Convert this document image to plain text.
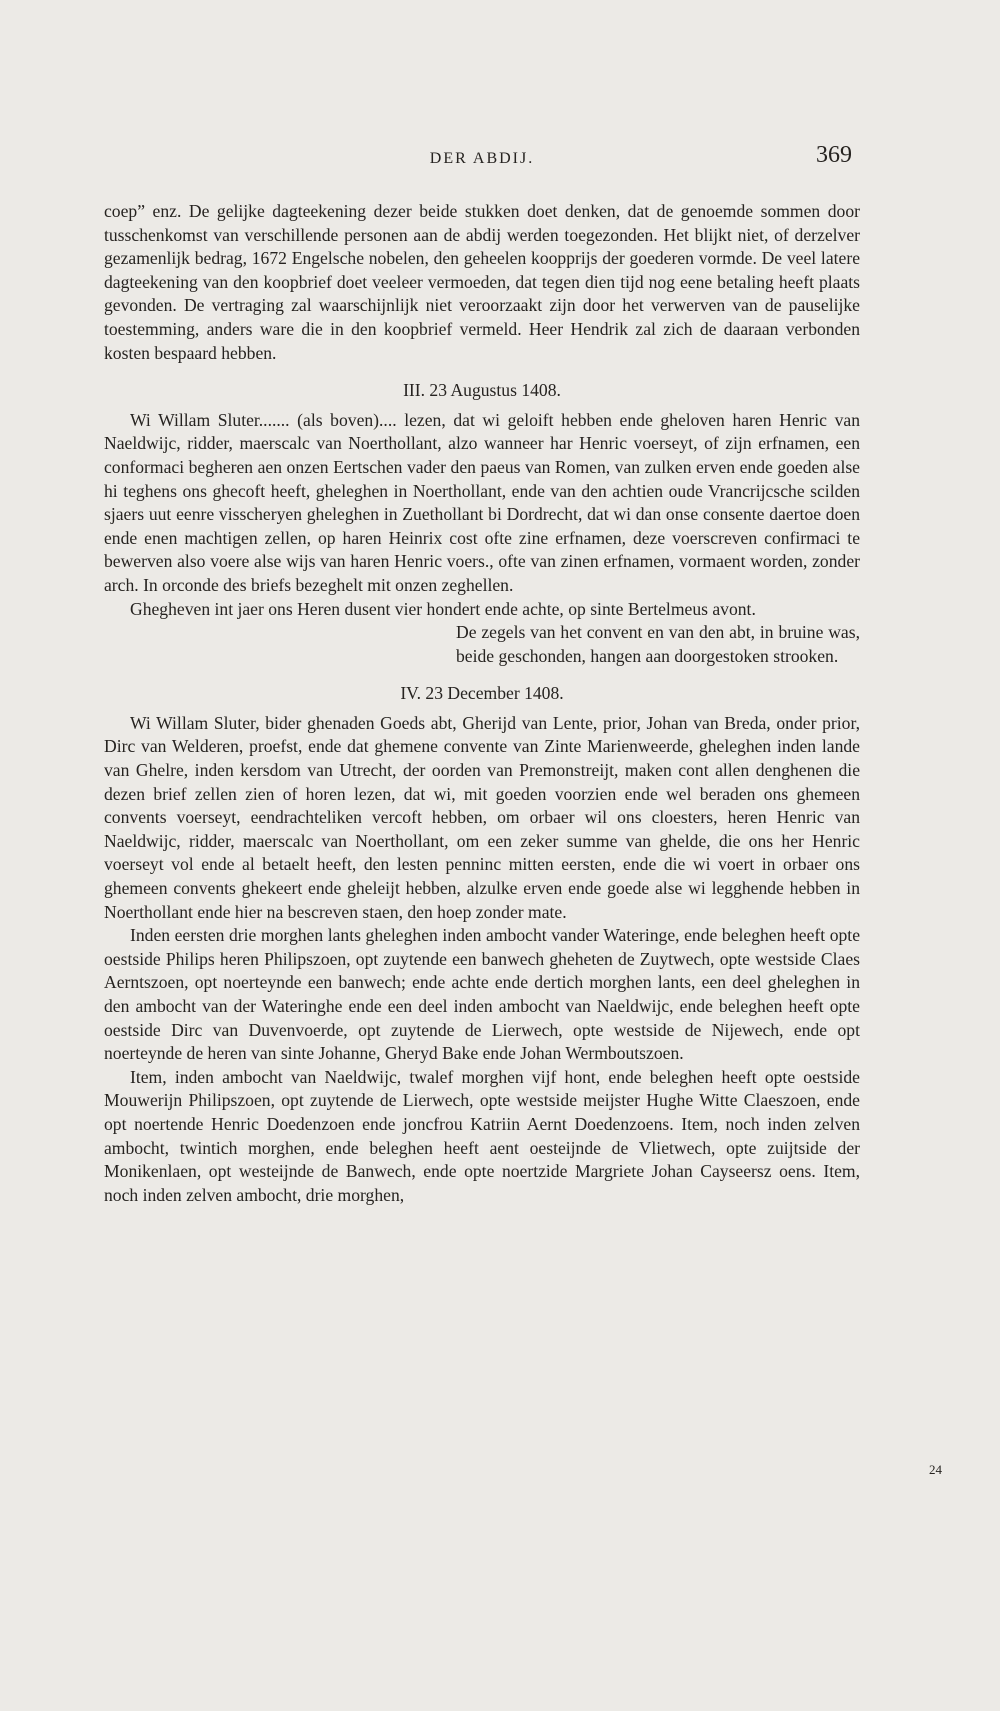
DER ABDIJ.	369

coep” enz. De gelijke dagteekening dezer beide stukken doet denken, dat de genoemde sommen door tusschenkomst van verschillende personen aan de abdij werden toegezonden. Het blijkt niet, of derzelver gezamenlijk bedrag, 1672 Engelsche nobelen, den geheelen koopprijs der goederen vormde. De veel latere dagteekening van den koopbrief doet veeleer vermoeden, dat tegen dien tijd nog eene betaling heeft plaats gevonden. De vertraging zal waarschijnlijk niet veroorzaakt zijn door het verwerven van de pauselijke toestemming, anders ware die in den koopbrief vermeld. Heer Hendrik zal zich de daaraan verbonden kosten bespaard hebben.

III. 23 Augustus 1408.

Wi Willam Sluter....... (als boven).... lezen, dat wi geloift hebben ende gheloven haren Henric van Naeldwijc, ridder, maerscalc van Noerthollant, alzo wanneer har Henric voerseyt, of zijn erfnamen, een conformaci begheren aen onzen Eertschen vader den paeus van Romen, van zulken erven ende goeden alse hi teghens ons ghecoft heeft, gheleghen in Noerthollant, ende van den achtien oude Vrancrijcsche scilden sjaers uut eenre visscheryen gheleghen in Zuethollant bi Dordrecht, dat wi dan onse consente daertoe doen ende enen machtigen zellen, op haren Heinrix cost ofte zine erfnamen, deze voerscreven confirmaci te bewerven also voere alse wijs van haren Henric voers., ofte van zinen erfnamen, vormaent worden, zonder arch. In orconde des briefs bezeghelt mit onzen zeghellen.

Ghegheven int jaer ons Heren dusent vier hondert ende achte, op sinte Bertelmeus avont.

De zegels van het convent en van den abt, in bruine was, beide geschonden, hangen aan doorgestoken strooken.

IV. 23 December 1408.

Wi Willam Sluter, bider ghenaden Goeds abt, Gherijd van Lente, prior, Johan van Breda, onder prior, Dirc van Welderen, proefst, ende dat ghemene convente van Zinte Marienweerde, gheleghen inden lande van Ghelre, inden kersdom van Utrecht, der oorden van Premonstreijt, maken cont allen denghenen die dezen brief zellen zien of horen lezen, dat wi, mit goeden voorzien ende wel beraden ons ghemeen convents voerseyt, eendrachteliken vercoft hebben, om orbaer wil ons cloesters, heren Henric van Naeldwijc, ridder, maerscalc van Noerthollant, om een zeker summe van ghelde, die ons her Henric voerseyt vol ende al betaelt heeft, den lesten penninc mitten eersten, ende die wi voert in orbaer ons ghemeen convents ghekeert ende gheleijt hebben, alzulke erven ende goede alse wi legghende hebben in Noerthollant ende hier na bescreven staen, den hoep zonder mate.

Inden eersten drie morghen lants gheleghen inden ambocht vander Wateringe, ende beleghen heeft opte oestside Philips heren Philipszoen, opt zuytende een banwech gheheten de Zuytwech, opte westside Claes Aerntszoen, opt noerteynde een banwech; ende achte ende dertich morghen lants, een deel gheleghen in den ambocht van der Wateringhe ende een deel inden ambocht van Naeldwijc, ende beleghen heeft opte oestside Dirc van Duvenvoerde, opt zuytende de Lierwech, opte westside de Nijewech, ende opt noerteynde de heren van sinte Johanne, Gheryd Bake ende Johan Wermboutszoen.

Item, inden ambocht van Naeldwijc, twalef morghen vijf hont, ende beleghen heeft opte oestside Mouwerijn Philipszoen, opt zuytende de Lierwech, opte westside meijster Hughe Witte Claeszoen, ende opt noertende Henric Doedenzoen ende joncfrou Katriin Aernt Doedenzoens. Item, noch inden zelven ambocht, twintich morghen, ende beleghen heeft aent oesteijnde de Vlietwech, opte zuijtside der Monikenlaen, opt westeijnde de Banwech, ende opte noertzide Margriete Johan Cayseersz oens. Item, noch inden zelven ambocht, drie morghen,

24
